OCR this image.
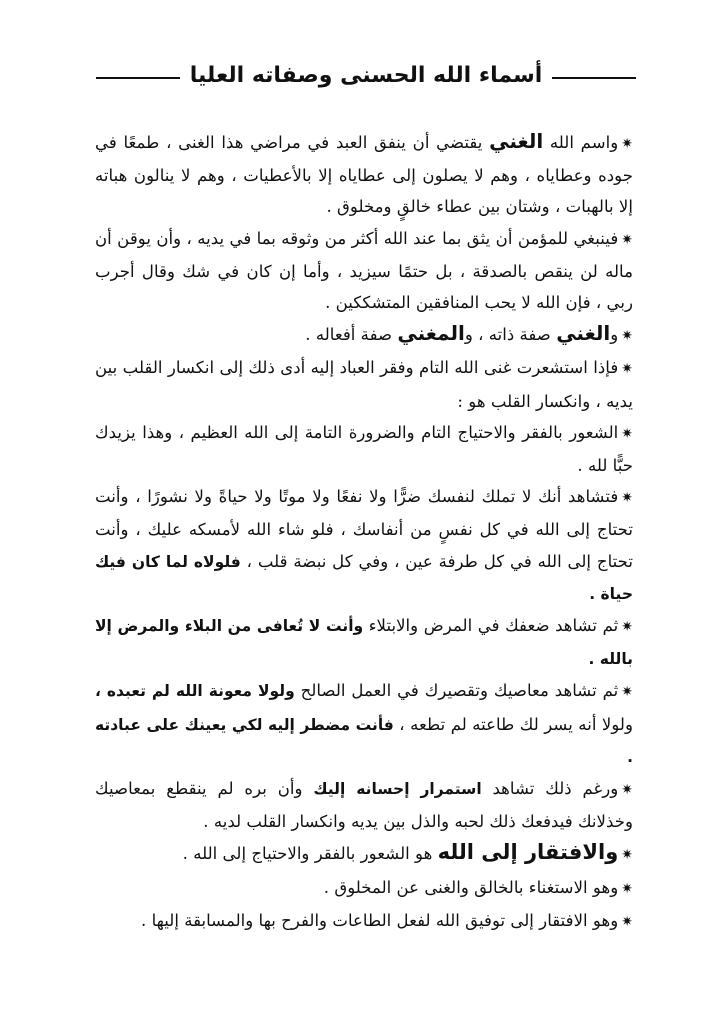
أسماء الله الحسنى وصفاته العليا

✷واسم الله الغني يقتضي أن ينفق العبد في مراضي هذا الغنى ، طمعًا في جوده وعطاياه ، وهم لا يصلون إلى عطاياه إلا بالأعطيات ، وهم لا ينالون هباته إلا بالهبات ، وشتان بين عطاء خالقٍ ومخلوق .

✷فينبغي للمؤمن أن يثق بما عند الله أكثر من وثوقه بما في يديه ، وأن يوقن أن ماله لن ينقص بالصدقة ، بل حتمًا سيزيد ، وأما إن كان في شك وقال أجرب ربي ، فإن الله لا يحب المنافقين المتشككين .

✷والغني صفة ذاته ، والمغني صفة أفعاله .

✷فإذا استشعرت غنى الله التام وفقر العباد إليه أدى ذلك إلى انكسار القلب بين يديه ، وانكسار القلب هو :

✷الشعور بالفقر والاحتياج التام والضرورة التامة إلى الله العظيم ، وهذا يزيدك حبًّا لله .

✷فتشاهد أنك لا تملك لنفسك ضرًّا ولا نفعًا ولا موتًا ولا حياةً ولا نشورًا ، وأنت تحتاج إلى الله في كل نفسٍ من أنفاسك ، فلو شاء الله لأمسكه عليك ، وأنت تحتاج إلى الله في كل طرفة عين ، وفي كل نبضة قلب ، فلولاه لما كان فيك حياة .

✷ثم تشاهد ضعفك في المرض والابتلاء وأنت لا تُعافى من البلاء والمرض إلا بالله .

✷ثم تشاهد معاصيك وتقصيرك في العمل الصالح ولولا معونة الله لم تعبده ، ولولا أنه يسر لك طاعته لم تطعه ، فأنت مضطر إليه لكي يعينك على عبادته .

✷ورغم ذلك تشاهد استمرار إحسانه إليك وأن بره لم ينقطع بمعاصيك وخذلانك فيدفعك ذلك لحبه والذل بين يديه وانكسار القلب لديه .

✷والافتقار إلى الله هو الشعور بالفقر والاحتياج إلى الله .

✷وهو الاستغناء بالخالق والغنى عن المخلوق .

✷وهو الافتقار إلى توفيق الله لفعل الطاعات والفرح بها والمسابقة إليها .
